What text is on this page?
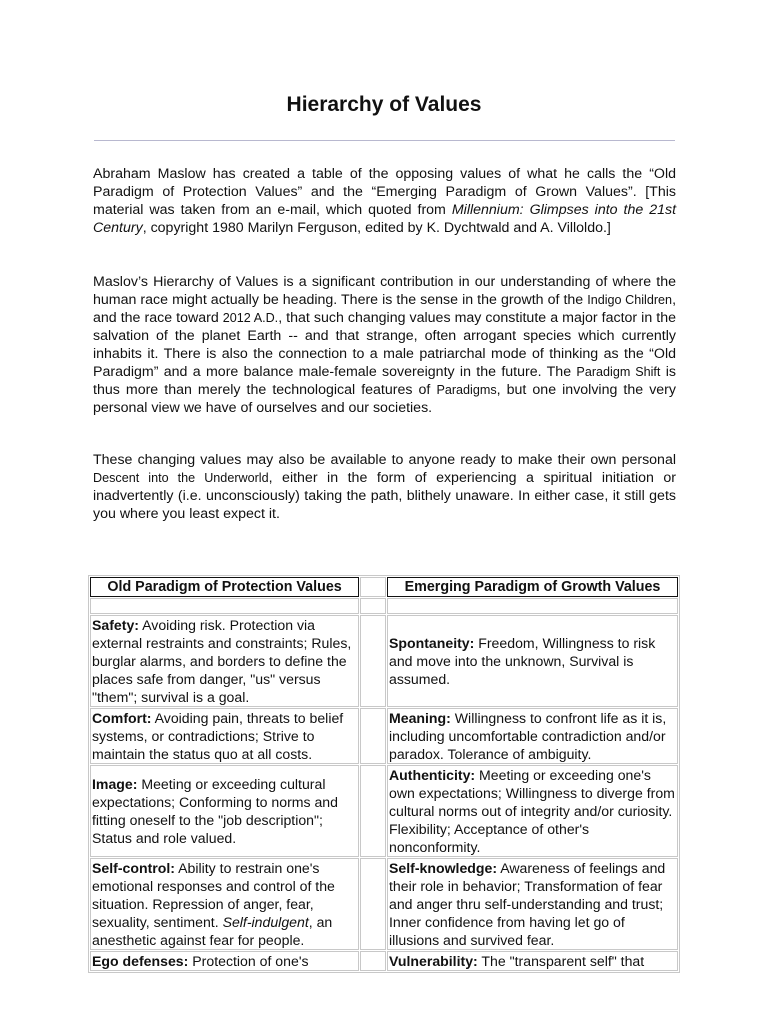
Hierarchy of Values

Abraham Maslow has created a table of the opposing values of what he calls the “Old Paradigm of Protection Values” and the “Emerging Paradigm of Grown Values”. [This material was taken from an e-mail, which quoted from Millennium: Glimpses into the 21st Century, copyright 1980 Marilyn Ferguson, edited by K. Dychtwald and A. Villoldo.]

Maslov’s Hierarchy of Values is a significant contribution in our understanding of where the human race might actually be heading. There is the sense in the growth of the Indigo Children, and the race toward 2012 A.D., that such changing values may constitute a major factor in the salvation of the planet Earth -- and that strange, often arrogant species which currently inhabits it. There is also the connection to a male patriarchal mode of thinking as the “Old Paradigm” and a more balance male-female sovereignty in the future. The Paradigm Shift is thus more than merely the technological features of Paradigms, but one involving the very personal view we have of ourselves and our societies.

These changing values may also be available to anyone ready to make their own personal Descent into the Underworld, either in the form of experiencing a spiritual initiation or inadvertently (i.e. unconsciously) taking the path, blithely unaware. In either case, it still gets you where you least expect it.

Old Paradigm of Protection Values		Emerging Paradigm of Growth Values

Safety: Avoiding risk. Protection via external restraints and constraints; Rules, burglar alarms, and borders to define the places safe from danger, "us" versus "them"; survival is a goal.		Spontaneity: Freedom, Willingness to risk and move into the unknown, Survival is assumed.
Comfort: Avoiding pain, threats to belief systems, or contradictions; Strive to maintain the status quo at all costs.		Meaning: Willingness to confront life as it is, including uncomfortable contradiction and/or paradox. Tolerance of ambiguity.
Image: Meeting or exceeding cultural expectations; Conforming to norms and fitting oneself to the "job description"; Status and role valued.		Authenticity: Meeting or exceeding one's own expectations; Willingness to diverge from cultural norms out of integrity and/or curiosity. Flexibility; Acceptance of other's nonconformity.
Self-control: Ability to restrain one's emotional responses and control of the situation. Repression of anger, fear, sexuality, sentiment. Self-indulgent, an anesthetic against fear for people.		Self-knowledge: Awareness of feelings and their role in behavior; Transformation of fear and anger thru self-understanding and trust; Inner confidence from having let go of illusions and survived fear.
Ego defenses: Protection of one's		Vulnerability: The "transparent self" that
